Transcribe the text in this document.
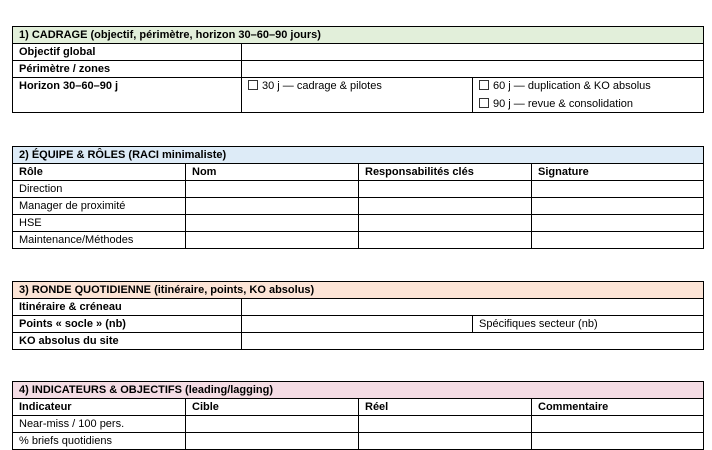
1) CADRAGE (objectif, périmètre, horizon 30–60–90 jours)		
Objectif global		
Périmètre / zones		
Horizon 30–60–90 j	30 j — cadrage & pilotes	60 j — duplication & KO absolus
90 j — revue & consolidation
2) ÉQUIPE & RÔLES (RACI minimaliste)			
Rôle	Nom	Responsabilités clés	Signature
Direction			
Manager de proximité			
HSE			
Maintenance/Méthodes			
3) RONDE QUOTIDIENNE (itinéraire, points, KO absolus)		
Itinéraire & créneau		
Points « socle » (nb)		Spécifiques secteur (nb)
KO absolus du site		
4) INDICATEURS & OBJECTIFS (leading/lagging)			
Indicateur	Cible	Réel	Commentaire
Near-miss / 100 pers.			
% briefs quotidiens			
